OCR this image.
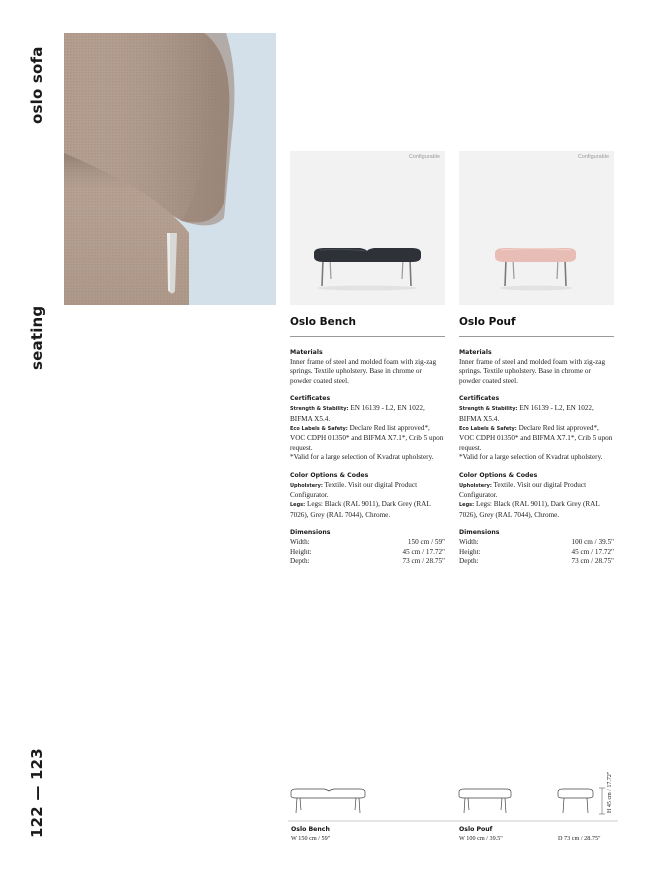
oslo sofa
seating
122 — 123
Configurable
Oslo Bench
Materials
Inner frame of steel and molded foam with zig-zag springs. Textile upholstery. Base in chrome or powder coated steel.
Certificates
Strength & Stability: EN 16139 - L2, EN 1022, BIFMA X5.4.
Eco Labels & Safety: Declare Red list approved*, VOC CDPH 01350* and BIFMA X7.1*, Crib 5 upon request.
*Valid for a large selection of Kvadrat upholstery.
Color Options & Codes
Upholstery: Textile. Visit our digital Product Configurator.
Legs: Legs: Black (RAL 9011), Dark Grey (RAL 7026), Grey (RAL 7044), Chrome.
Dimensions
Width:	150 cm / 59"
Height:	45 cm / 17.72"
Depth:	73 cm / 28.75"
Configurable
Oslo Pouf
Materials
Inner frame of steel and molded foam with zig-zag springs. Textile upholstery. Base in chrome or powder coated steel.
Certificates
Strength & Stability: EN 16139 - L2, EN 1022, BIFMA X5.4.
Eco Labels & Safety: Declare Red list approved*, VOC CDPH 01350* and BIFMA X7.1*, Crib 5 upon request.
*Valid for a large selection of Kvadrat upholstery.
Color Options & Codes
Upholstery: Textile. Visit our digital Product Configurator.
Legs: Legs: Black (RAL 9011), Dark Grey (RAL 7026), Grey (RAL 7044), Chrome.
Dimensions
Width:	100 cm / 39.5"
Height:	45 cm / 17.72"
Depth:	73 cm / 28.75"
Oslo Bench
W 150 cm / 59"
Oslo Pouf
W 100 cm / 39.5"	D 73 cm / 28.75"
H 45 cm / 17.72"
